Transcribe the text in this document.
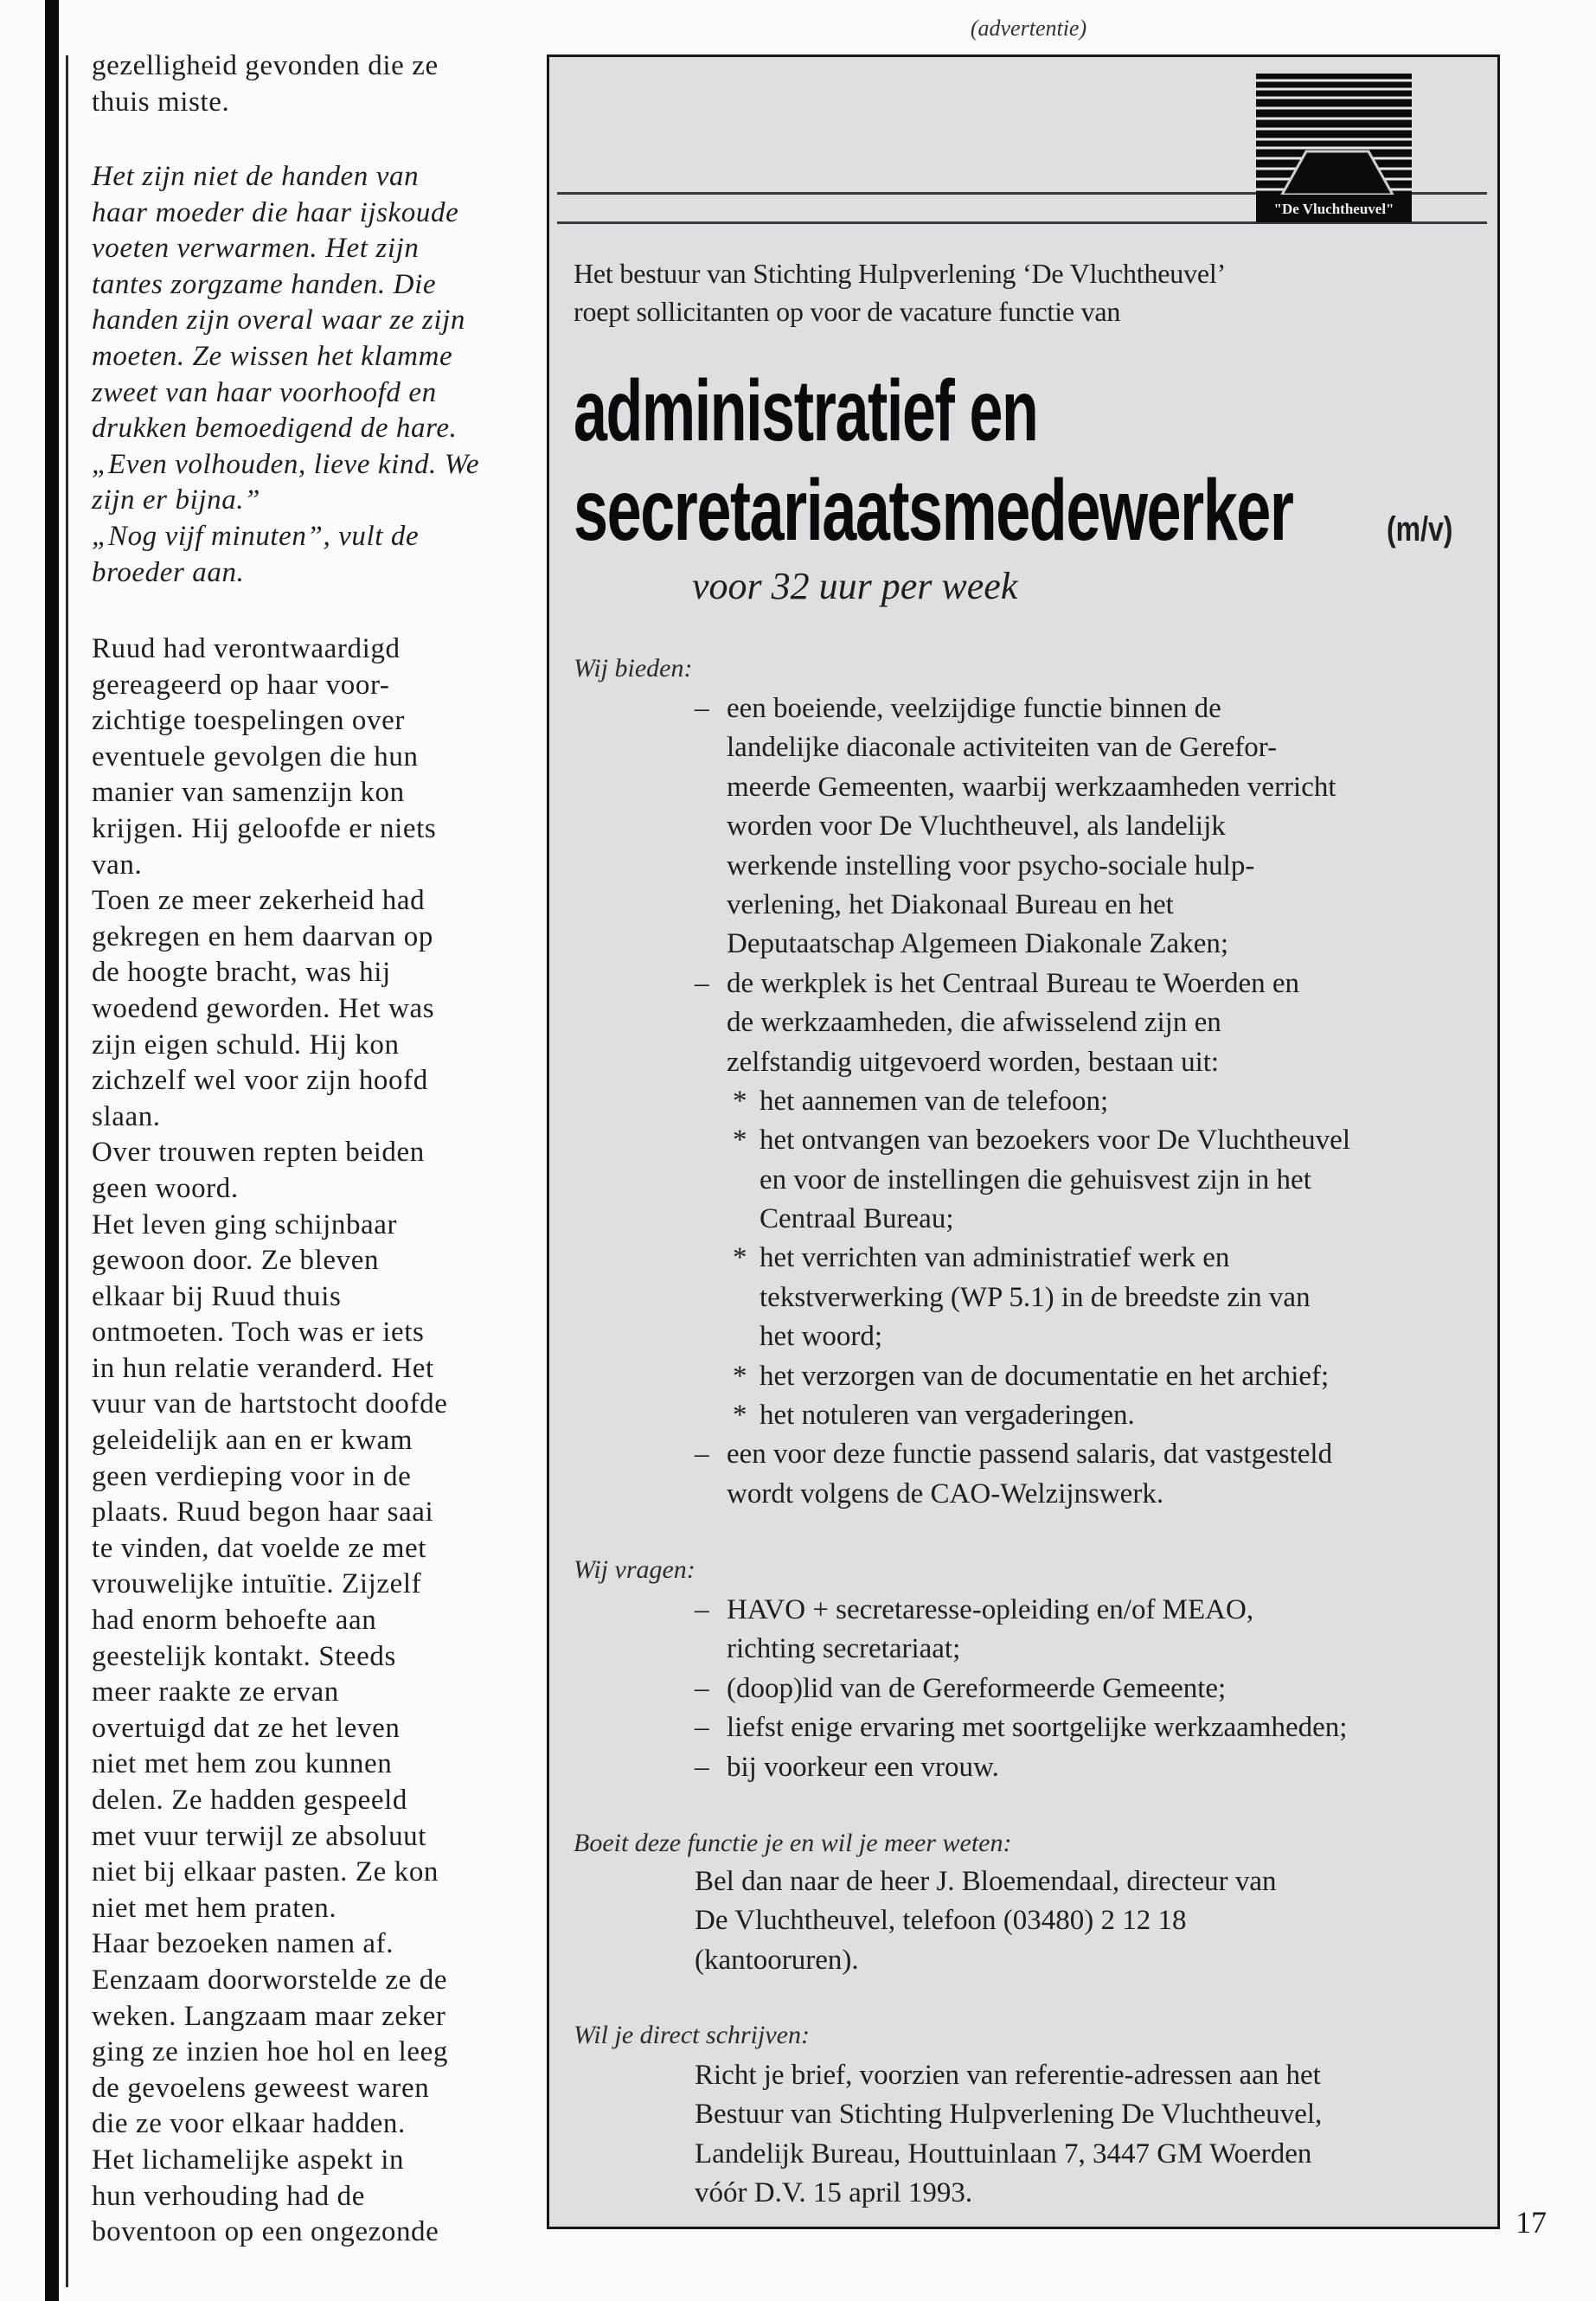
(advertentie)
gezelligheid gevonden die ze
thuis miste.
Het zijn niet de handen van
haar moeder die haar ijskoude
voeten verwarmen. Het zijn
tantes zorgzame handen. Die
handen zijn overal waar ze zijn
moeten. Ze wissen het klamme
zweet van haar voorhoofd en
drukken bemoedigend de hare.
„Even volhouden, lieve kind. We
zijn er bijna.”
„Nog vijf minuten”, vult de
broeder aan.
Ruud had verontwaardigd
gereageerd op haar voor-
zichtige toespelingen over
eventuele gevolgen die hun
manier van samenzijn kon
krijgen. Hij geloofde er niets
van.
Toen ze meer zekerheid had
gekregen en hem daarvan op
de hoogte bracht, was hij
woedend geworden. Het was
zijn eigen schuld. Hij kon
zichzelf wel voor zijn hoofd
slaan.
Over trouwen repten beiden
geen woord.
Het leven ging schijnbaar
gewoon door. Ze bleven
elkaar bij Ruud thuis
ontmoeten. Toch was er iets
in hun relatie veranderd. Het
vuur van de hartstocht doofde
geleidelijk aan en er kwam
geen verdieping voor in de
plaats. Ruud begon haar saai
te vinden, dat voelde ze met
vrouwelijke intuïtie. Zijzelf
had enorm behoefte aan
geestelijk kontakt. Steeds
meer raakte ze ervan
overtuigd dat ze het leven
niet met hem zou kunnen
delen. Ze hadden gespeeld
met vuur terwijl ze absoluut
niet bij elkaar pasten. Ze kon
niet met hem praten.
Haar bezoeken namen af.
Eenzaam doorworstelde ze de
weken. Langzaam maar zeker
ging ze inzien hoe hol en leeg
de gevoelens geweest waren
die ze voor elkaar hadden.
Het lichamelijke aspekt in
hun verhouding had de
boventoon op een ongezonde
"De Vluchtheuvel"
Het bestuur van Stichting Hulpverlening ‘De Vluchtheuvel’
roept sollicitanten op voor de vacature functie van
administratief en
secretariaatsmedewerker	(m/v)
voor 32 uur per week
Wij bieden:
– een boeiende, veelzijdige functie binnen de
landelijke diaconale activiteiten van de Gerefor-
meerde Gemeenten, waarbij werkzaamheden verricht
worden voor De Vluchtheuvel, als landelijk
werkende instelling voor psycho-sociale hulp-
verlening, het Diakonaal Bureau en het
Deputaatschap Algemeen Diakonale Zaken;
– de werkplek is het Centraal Bureau te Woerden en
de werkzaamheden, die afwisselend zijn en
zelfstandig uitgevoerd worden, bestaan uit:
* het aannemen van de telefoon;
* het ontvangen van bezoekers voor De Vluchtheuvel
en voor de instellingen die gehuisvest zijn in het
Centraal Bureau;
* het verrichten van administratief werk en
tekstverwerking (WP 5.1) in de breedste zin van
het woord;
* het verzorgen van de documentatie en het archief;
* het notuleren van vergaderingen.
– een voor deze functie passend salaris, dat vastgesteld
wordt volgens de CAO-Welzijnswerk.
Wij vragen:
– HAVO + secretaresse-opleiding en/of MEAO,
richting secretariaat;
– (doop)lid van de Gereformeerde Gemeente;
– liefst enige ervaring met soortgelijke werkzaamheden;
– bij voorkeur een vrouw.
Boeit deze functie je en wil je meer weten:
Bel dan naar de heer J. Bloemendaal, directeur van
De Vluchtheuvel, telefoon (03480) 2 12 18
(kantooruren).
Wil je direct schrijven:
Richt je brief, voorzien van referentie-adressen aan het
Bestuur van Stichting Hulpverlening De Vluchtheuvel,
Landelijk Bureau, Houttuinlaan 7, 3447 GM Woerden
vóór D.V. 15 april 1993.
17
